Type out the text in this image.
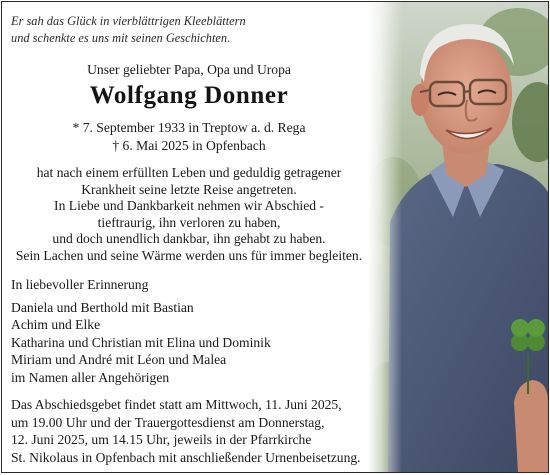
Er sah das Glück in vierblättrigen Kleeblättern
und schenkte es uns mit seinen Geschichten.
Unser geliebter Papa, Opa und Uropa
Wolfgang Donner
* 7. September 1933 in Treptow a. d. Rega
† 6. Mai 2025 in Opfenbach
hat nach einem erfüllten Leben und geduldig getragener
Krankheit seine letzte Reise angetreten.
In Liebe und Dankbarkeit nehmen wir Abschied -
tieftraurig, ihn verloren zu haben,
und doch unendlich dankbar, ihn gehabt zu haben.
Sein Lachen und seine Wärme werden uns für immer begleiten.
In liebevoller Erinnerung
Daniela und Berthold mit Bastian
Achim und Elke
Katharina und Christian mit Elina und Dominik
Miriam und André mit Léon und Malea
im Namen aller Angehörigen
Das Abschiedsgebet findet statt am Mittwoch, 11. Juni 2025,
um 19.00 Uhr und der Trauergottesdienst am Donnerstag,
12. Juni 2025, um 14.15 Uhr, jeweils in der Pfarrkirche
St. Nikolaus in Opfenbach mit anschließender Urnenbeisetzung.
